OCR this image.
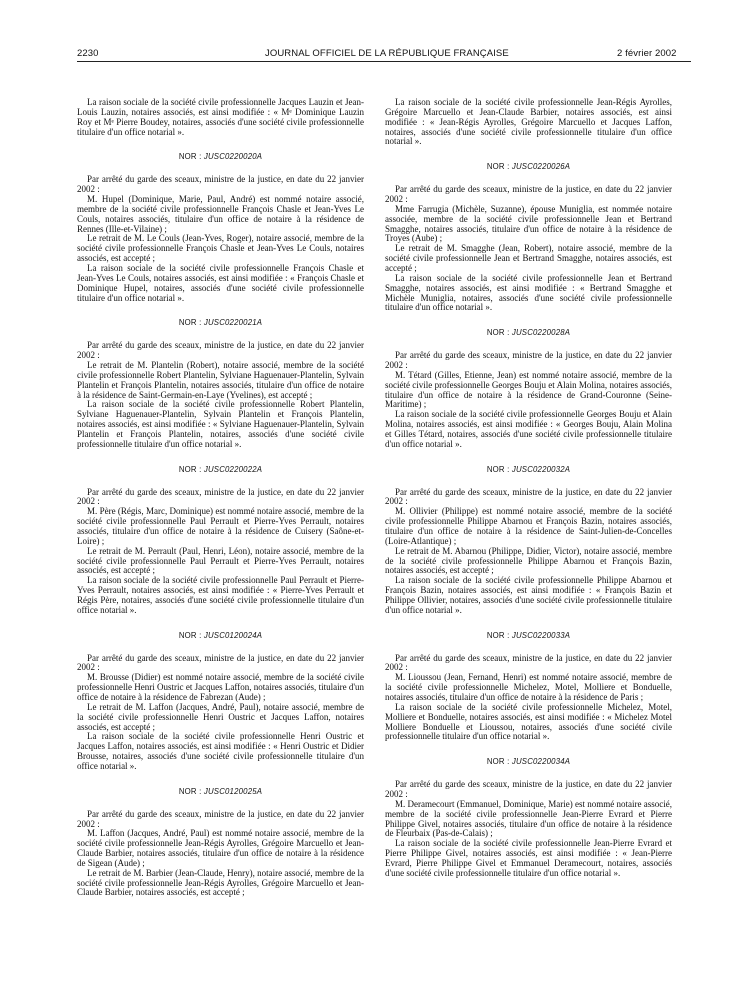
2230	JOURNAL OFFICIEL DE LA RÉPUBLIQUE FRANÇAISE	2 février 2002

La raison sociale de la société civile professionnelle Jacques Lauzin et Jean-Louis Lauzin, notaires associés, est ainsi modifiée : « Mᵉ Dominique Lauzin Roy et Mᵉ Pierre Boudey, notaires, associés d'une société civile professionnelle titulaire d'un office notarial ».

NOR : JUSC0220020A

Par arrêté du garde des sceaux, ministre de la justice, en date du 22 janvier 2002 :

M. Hupel (Dominique, Marie, Paul, André) est nommé notaire associé, membre de la société civile professionnelle François Chasle et Jean-Yves Le Couls, notaires associés, titulaire d'un office de notaire à la résidence de Rennes (Ille-et-Vilaine) ;

Le retrait de M. Le Couls (Jean-Yves, Roger), notaire associé, membre de la société civile professionnelle François Chasle et Jean-Yves Le Couls, notaires associés, est accepté ;

La raison sociale de la société civile professionnelle François Chasle et Jean-Yves Le Couls, notaires associés, est ainsi modifiée : « François Chasle et Dominique Hupel, notaires, associés d'une société civile professionnelle titulaire d'un office notarial ».

NOR : JUSC0220021A

Par arrêté du garde des sceaux, ministre de la justice, en date du 22 janvier 2002 :

Le retrait de M. Plantelin (Robert), notaire associé, membre de la société civile professionnelle Robert Plantelin, Sylviane Haguenauer-Plantelin, Sylvain Plantelin et François Plantelin, notaires associés, titulaire d'un office de notaire à la résidence de Saint-Germain-en-Laye (Yvelines), est accepté ;

La raison sociale de la société civile professionnelle Robert Plantelin, Sylviane Haguenauer-Plantelin, Sylvain Plantelin et François Plantelin, notaires associés, est ainsi modifiée : « Sylviane Haguenauer-Plantelin, Sylvain Plantelin et François Plantelin, notaires, associés d'une société civile professionnelle titulaire d'un office notarial ».

NOR : JUSC0220022A

Par arrêté du garde des sceaux, ministre de la justice, en date du 22 janvier 2002 :

M. Père (Régis, Marc, Dominique) est nommé notaire associé, membre de la société civile professionnelle Paul Perrault et Pierre-Yves Perrault, notaires associés, titulaire d'un office de notaire à la résidence de Cuisery (Saône-et-Loire) ;

Le retrait de M. Perrault (Paul, Henri, Léon), notaire associé, membre de la société civile professionnelle Paul Perrault et Pierre-Yves Perrault, notaires associés, est accepté ;

La raison sociale de la société civile professionnelle Paul Perrault et Pierre-Yves Perrault, notaires associés, est ainsi modifiée : « Pierre-Yves Perrault et Régis Père, notaires, associés d'une société civile professionnelle titulaire d'un office notarial ».

NOR : JUSC0120024A

Par arrêté du garde des sceaux, ministre de la justice, en date du 22 janvier 2002 :

M. Brousse (Didier) est nommé notaire associé, membre de la société civile professionnelle Henri Oustric et Jacques Laffon, notaires associés, titulaire d'un office de notaire à la résidence de Fabrezan (Aude) ;

Le retrait de M. Laffon (Jacques, André, Paul), notaire associé, membre de la société civile professionnelle Henri Oustric et Jacques Laffon, notaires associés, est accepté ;

La raison sociale de la société civile professionnelle Henri Oustric et Jacques Laffon, notaires associés, est ainsi modifiée : « Henri Oustric et Didier Brousse, notaires, associés d'une société civile professionnelle titulaire d'un office notarial ».

NOR : JUSC0120025A

Par arrêté du garde des sceaux, ministre de la justice, en date du 22 janvier 2002 :

M. Laffon (Jacques, André, Paul) est nommé notaire associé, membre de la société civile professionnelle Jean-Régis Ayrolles, Grégoire Marcuello et Jean-Claude Barbier, notaires associés, titulaire d'un office de notaire à la résidence de Sigean (Aude) ;

Le retrait de M. Barbier (Jean-Claude, Henry), notaire associé, membre de la société civile professionnelle Jean-Régis Ayrolles, Grégoire Marcuello et Jean-Claude Barbier, notaires associés, est accepté ;

La raison sociale de la société civile professionnelle Jean-Régis Ayrolles, Grégoire Marcuello et Jean-Claude Barbier, notaires associés, est ainsi modifiée : « Jean-Régis Ayrolles, Grégoire Marcuello et Jacques Laffon, notaires, associés d'une société civile professionnelle titulaire d'un office notarial ».

NOR : JUSC0220026A

Par arrêté du garde des sceaux, ministre de la justice, en date du 22 janvier 2002 :

Mme Farrugia (Michèle, Suzanne), épouse Muniglia, est nommée notaire associée, membre de la société civile professionnelle Jean et Bertrand Smagghe, notaires associés, titulaire d'un office de notaire à la résidence de Troyes (Aube) ;

Le retrait de M. Smagghe (Jean, Robert), notaire associé, membre de la société civile professionnelle Jean et Bertrand Smagghe, notaires associés, est accepté ;

La raison sociale de la société civile professionnelle Jean et Bertrand Smagghe, notaires associés, est ainsi modifiée : « Bertrand Smagghe et Michèle Muniglia, notaires, associés d'une société civile professionnelle titulaire d'un office notarial ».

NOR : JUSC0220028A

Par arrêté du garde des sceaux, ministre de la justice, en date du 22 janvier 2002 :

M. Tétard (Gilles, Etienne, Jean) est nommé notaire associé, membre de la société civile professionnelle Georges Bouju et Alain Molina, notaires associés, titulaire d'un office de notaire à la résidence de Grand-Couronne (Seine-Maritime) ;

La raison sociale de la société civile professionnelle Georges Bouju et Alain Molina, notaires associés, est ainsi modifiée : « Georges Bouju, Alain Molina et Gilles Tétard, notaires, associés d'une société civile professionnelle titulaire d'un office notarial ».

NOR : JUSC0220032A

Par arrêté du garde des sceaux, ministre de la justice, en date du 22 janvier 2002 :

M. Ollivier (Philippe) est nommé notaire associé, membre de la société civile professionnelle Philippe Abarnou et François Bazin, notaires associés, titulaire d'un office de notaire à la résidence de Saint-Julien-de-Concelles (Loire-Atlantique) ;

Le retrait de M. Abarnou (Philippe, Didier, Victor), notaire associé, membre de la société civile professionnelle Philippe Abarnou et François Bazin, notaires associés, est accepté ;

La raison sociale de la société civile professionnelle Philippe Abarnou et François Bazin, notaires associés, est ainsi modifiée : « François Bazin et Philippe Ollivier, notaires, associés d'une société civile professionnelle titulaire d'un office notarial ».

NOR : JUSC0220033A

Par arrêté du garde des sceaux, ministre de la justice, en date du 22 janvier 2002 :

M. Lioussou (Jean, Fernand, Henri) est nommé notaire associé, membre de la société civile professionnelle Michelez, Motel, Molliere et Bonduelle, notaires associés, titulaire d'un office de notaire à la résidence de Paris ;

La raison sociale de la société civile professionnelle Michelez, Motel, Molliere et Bonduelle, notaires associés, est ainsi modifiée : « Michelez Motel Molliere Bonduelle et Lioussou, notaires, associés d'une société civile professionnelle titulaire d'un office notarial ».

NOR : JUSC0220034A

Par arrêté du garde des sceaux, ministre de la justice, en date du 22 janvier 2002 :

M. Deramecourt (Emmanuel, Dominique, Marie) est nommé notaire associé, membre de la société civile professionnelle Jean-Pierre Evrard et Pierre Philippe Givel, notaires associés, titulaire d'un office de notaire à la résidence de Fleurbaix (Pas-de-Calais) ;

La raison sociale de la société civile professionnelle Jean-Pierre Evrard et Pierre Philippe Givel, notaires associés, est ainsi modifiée : « Jean-Pierre Evrard, Pierre Philippe Givel et Emmanuel Deramecourt, notaires, associés d'une société civile professionnelle titulaire d'un office notarial ».
